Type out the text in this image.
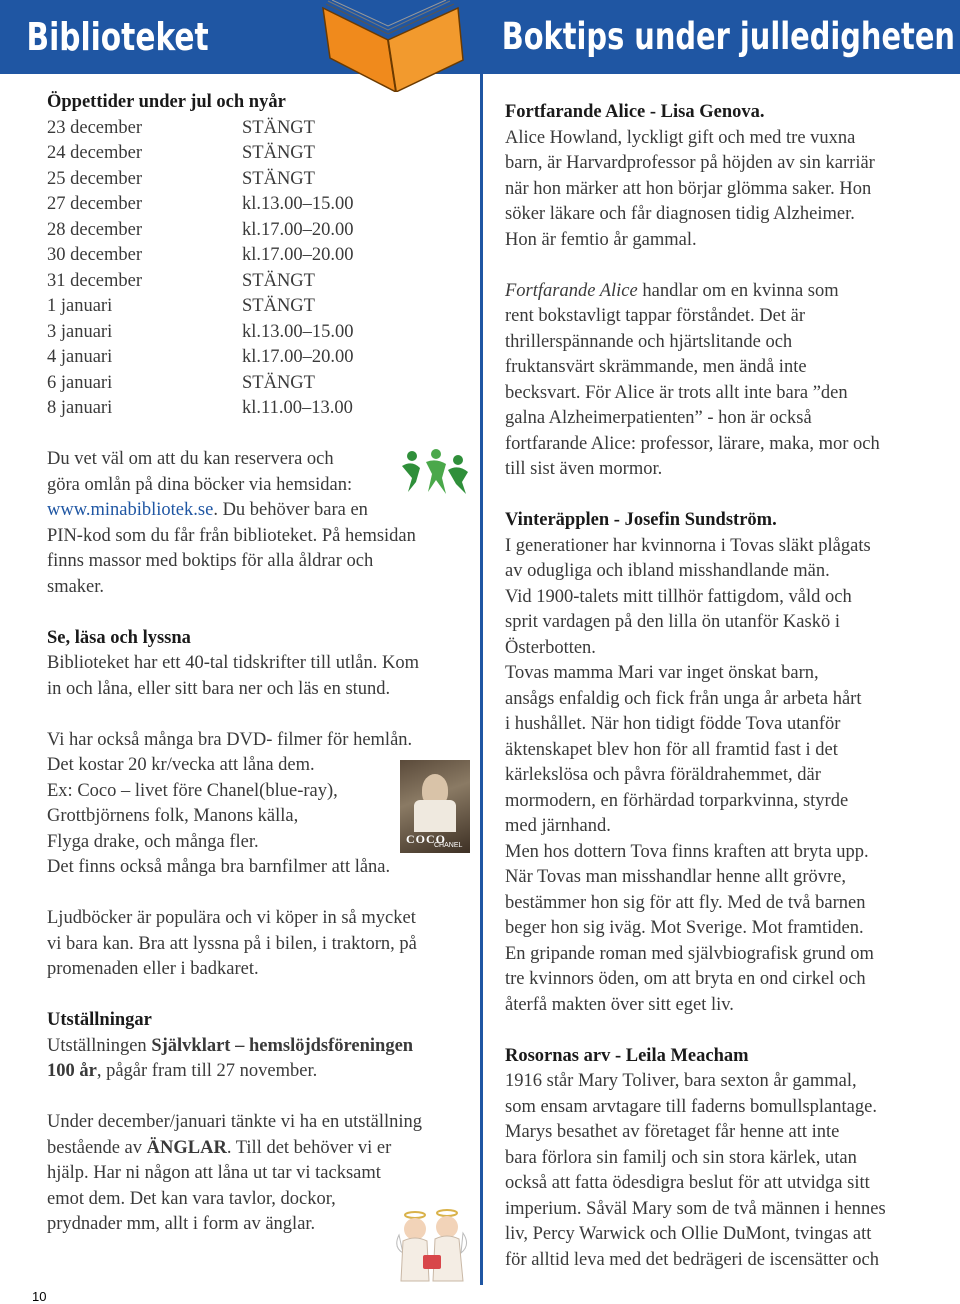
Biblioteket	Boktips under julledigheten
Öppettider under jul och nyår
23 december	STÄNGT
24 december	STÄNGT
25 december	STÄNGT
27 december	kl.13.00–15.00
28 december	kl.17.00–20.00
30 december	kl.17.00–20.00
31 december	STÄNGT
1 januari	STÄNGT
3 januari	kl.13.00–15.00
4 januari	kl.17.00–20.00
6 januari	STÄNGT
8 januari	kl.11.00–13.00
Du vet väl om att du kan reservera och
göra omlån på dina böcker via hemsidan:
www.minabibliotek.se. Du behöver bara en
PIN-kod som du får från biblioteket. På hemsidan
finns massor med boktips för alla åldrar och
smaker.
Se, läsa och lyssna
Biblioteket har ett 40-tal tidskrifter till utlån. Kom
in och låna, eller sitt bara ner och läs en stund.
Vi har också många bra DVD- filmer för hemlån.
Det kostar 20 kr/vecka att låna dem.
Ex: Coco – livet före Chanel(blue-ray),
Grottbjörnens folk, Manons källa,
Flyga drake, och många fler.
Det finns också många bra barnfilmer att låna.
Ljudböcker är populära och vi köper in så mycket
vi bara kan. Bra att lyssna på i bilen, i traktorn, på
promenaden eller i badkaret.
Utställningar
Utställningen Självklart – hemslöjdsföreningen
100 år, pågår fram till 27 november.
Under december/januari tänkte vi ha en utställning
bestående av ÄNGLAR. Till det behöver vi er
hjälp. Har ni någon att låna ut tar vi tacksamt
emot dem. Det kan vara tavlor, dockor,
prydnader mm, allt i form av änglar.
COCO
CHANEL
Fortfarande Alice - Lisa Genova.
Alice Howland, lyckligt gift och med tre vuxna
barn, är Harvardprofessor på höjden av sin karriär
när hon märker att hon börjar glömma saker. Hon
söker läkare och får diagnosen tidig Alzheimer.
Hon är femtio år gammal.
Fortfarande Alice handlar om en kvinna som
rent bokstavligt tappar förståndet. Det är
thrillerspännande och hjärtslitande och
fruktansvärt skrämmande, men ändå inte
becksvart. För Alice är trots allt inte bara ”den
galna Alzheimerpatienten” - hon är också
fortfarande Alice: professor, lärare, maka, mor och
till sist även mormor.
Vinteräpplen - Josefin Sundström.
I generationer har kvinnorna i Tovas släkt plågats
av odugliga och ibland misshandlande män.
Vid 1900-talets mitt tillhör fattigdom, våld och
sprit vardagen på den lilla ön utanför Kaskö i
Österbotten.
Tovas mamma Mari var inget önskat barn,
ansågs enfaldig och fick från unga år arbeta hårt
i hushållet. När hon tidigt födde Tova utanför
äktenskapet blev hon för all framtid fast i det
kärlekslösa och påvra föräldrahemmet, där
mormodern, en förhärdad torparkvinna, styrde
med järnhand.
Men hos dottern Tova finns kraften att bryta upp.
När Tovas man misshandlar henne allt grövre,
bestämmer hon sig för att fly. Med de två barnen
beger hon sig iväg. Mot Sverige. Mot framtiden.
En gripande roman med självbiografisk grund om
tre kvinnors öden, om att bryta en ond cirkel och
återfå makten över sitt eget liv.
Rosornas arv - Leila Meacham
1916 står Mary Toliver, bara sexton år gammal,
som ensam arvtagare till faderns bomullsplantage.
Marys besathet av företaget får henne att inte
bara förlora sin familj och sin stora kärlek, utan
också att fatta ödesdigra beslut för att utvidga sitt
imperium. Såväl Mary som de två männen i hennes
liv, Percy Warwick och Ollie DuMont, tvingas att
för alltid leva med det bedrägeri de iscensätter och
10
